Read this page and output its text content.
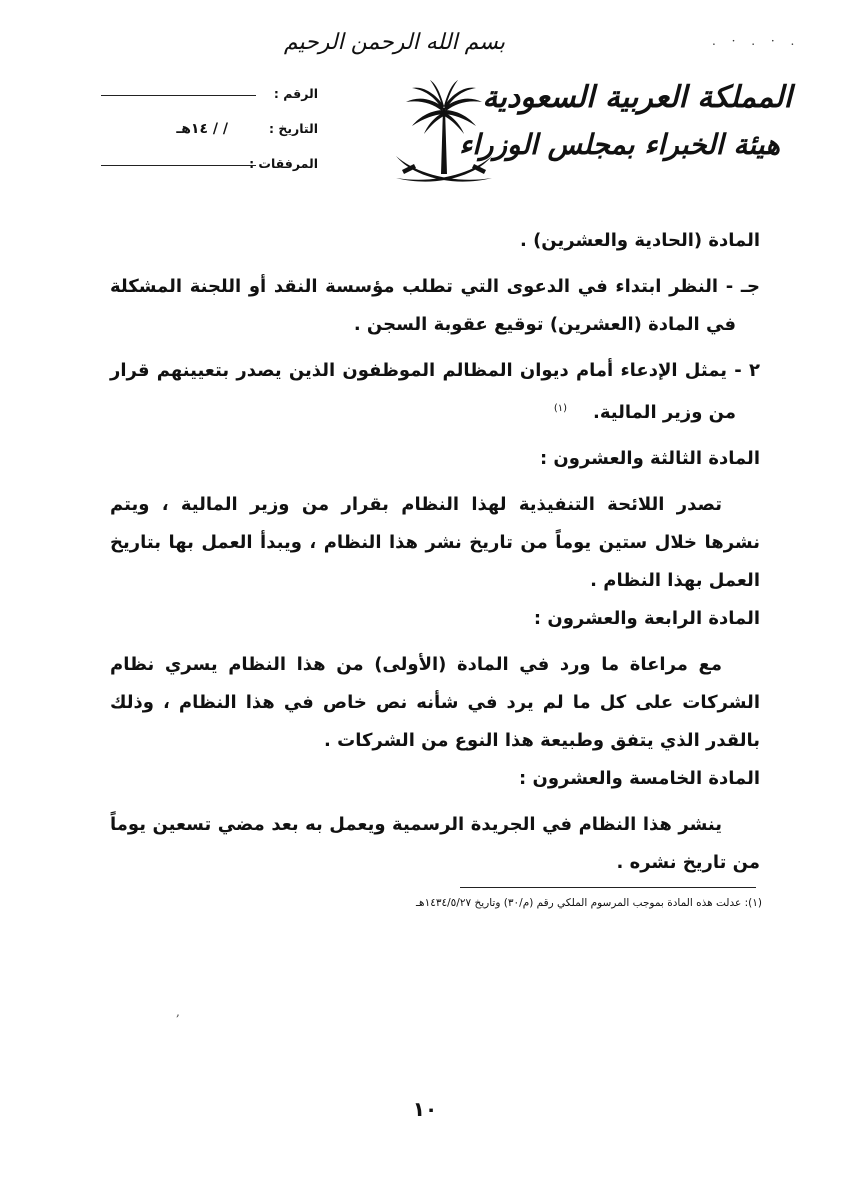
. · . · .
بسم الله الرحمن الرحيم
المملكة العربية السعودية
هيئة الخبراء بمجلس الوزراء
الرقم :
التاريخ :
/ / ١٤هـ
المرفقات :

المادة (الحادية والعشرين) .

جـ - النظر ابتداء في الدعوى التي تطلب مؤسسة النقد أو اللجنة المشكلة في المادة (العشرين) توقيع عقوبة السجن .

٢ - يمثل الإدعاء أمام ديوان المظالم الموظفون الذين يصدر بتعيينهم قرار من وزير المالية.$^{(١)}$

المادة الثالثة والعشرون :

تصدر اللائحة التنفيذية لهذا النظام بقرار من وزير المالية ، ويتم نشرها خلال ستين يوماً من تاريخ نشر هذا النظام ، ويبدأ العمل بها بتاريخ العمل بهذا النظام .

المادة الرابعة والعشرون :

مع مراعاة ما ورد في المادة (الأولى) من هذا النظام يسري نظام الشركات على كل ما لم يرد في شأنه نص خاص في هذا النظام ، وذلك بالقدر الذي يتفق وطبيعة هذا النوع من الشركات .

المادة الخامسة والعشرون :

ينشر هذا النظام في الجريدة الرسمية ويعمل به بعد مضي تسعين يوماً من تاريخ نشره .

(١): عدلت هذه المادة بموجب المرسوم الملكي رقم (م/٣٠) وتاريخ ١٤٣٤/٥/٢٧هـ
,
١٠
